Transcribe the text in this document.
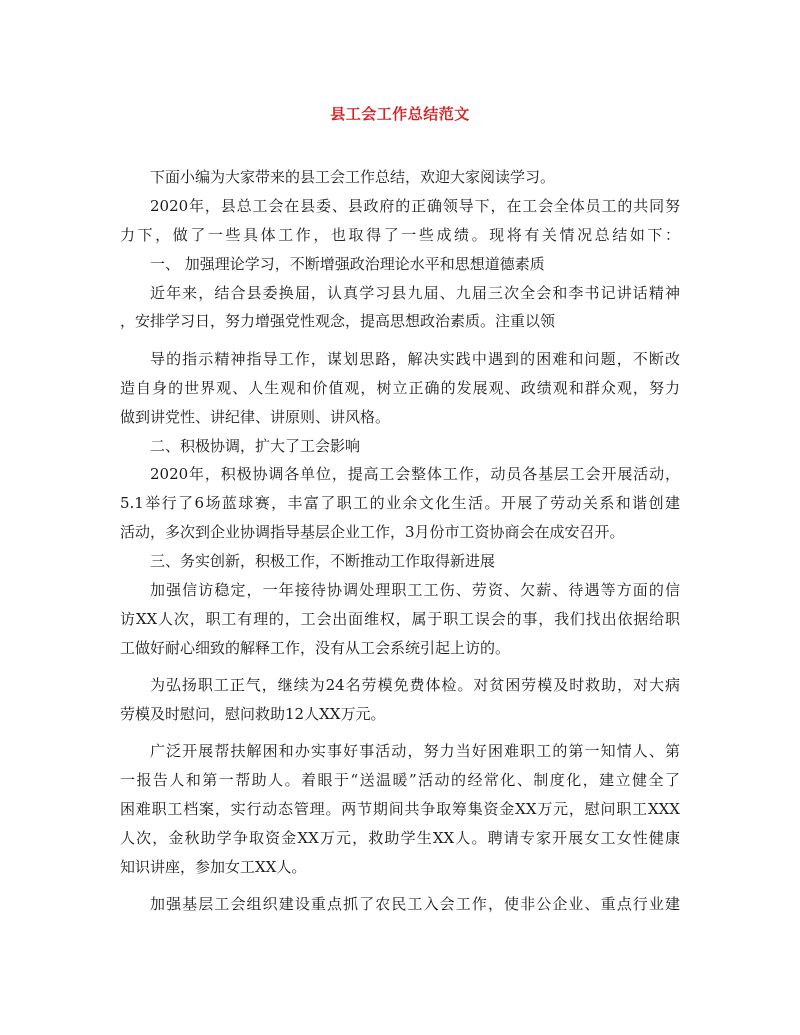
县工会工作总结范文
下面小编为大家带来的县工会工作总结，欢迎大家阅读学习。
2020年，县总工会在县委、县政府的正确领导下，在工会全体员工的共同努
力下，做了一些具体工作，也取得了一些成绩。现将有关情况总结如下：
一、 加强理论学习，不断增强政治理论水平和思想道德素质
近年来，结合县委换届，认真学习县九届、九届三次全会和李书记讲话精神
，安排学习日，努力增强党性观念，提高思想政治素质。注重以领
导的指示精神指导工作，谋划思路，解决实践中遇到的困难和问题，不断改
造自身的世界观、人生观和价值观，树立正确的发展观、政绩观和群众观，努力
做到讲党性、讲纪律、讲原则、讲风格。
二、积极协调，扩大了工会影响
2020年，积极协调各单位，提高工会整体工作，动员各基层工会开展活动，
5.1举行了6场蓝球赛，丰富了职工的业余文化生活。开展了劳动关系和谐创建
活动，多次到企业协调指导基层企业工作，3月份市工资协商会在成安召开。
三、务实创新，积极工作，不断推动工作取得新进展
加强信访稳定，一年接待协调处理职工工伤、劳资、欠薪、待遇等方面的信
访XX人次，职工有理的，工会出面维权，属于职工误会的事，我们找出依据给职
工做好耐心细致的解释工作，没有从工会系统引起上访的。
为弘扬职工正气，继续为24名劳模免费体检。对贫困劳模及时救助，对大病
劳模及时慰问，慰问救助12人XX万元。
广泛开展帮扶解困和办实事好事活动，努力当好困难职工的第一知情人、第
一报告人和第一帮助人。着眼于“送温暖”活动的经常化、制度化，建立健全了
困难职工档案，实行动态管理。两节期间共争取筹集资金XX万元，慰问职工XXX
人次，金秋助学争取资金XX万元，救助学生XX人。聘请专家开展女工女性健康
知识讲座，参加女工XX人。
加强基层工会组织建设重点抓了农民工入会工作，使非公企业、重点行业建
